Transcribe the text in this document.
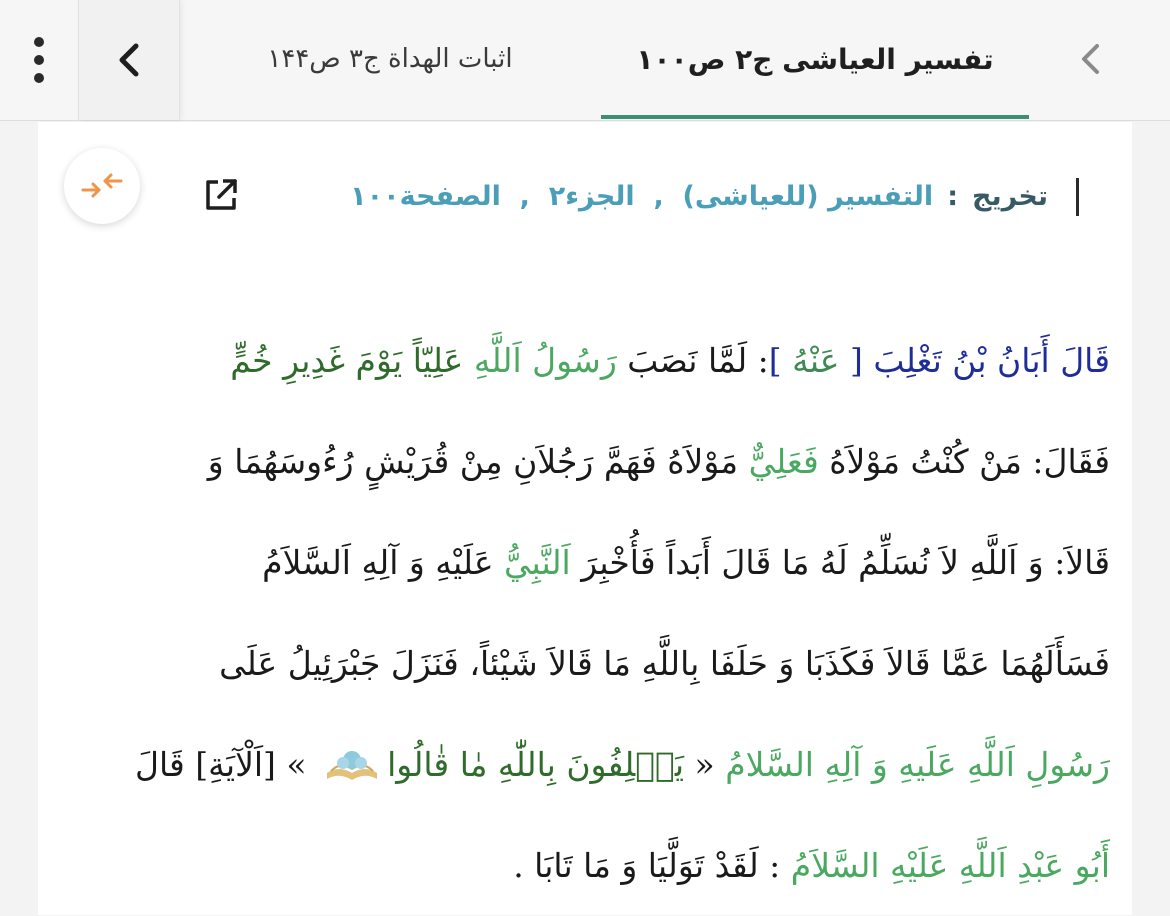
اثبات الهداة ج۳ ص۱۴۴	تفسير العياشى ج۲ ص۱۰۰
تخريج
:
التفسير (للعياشی)  ,  الجزء۲  ,  الصفحة۱۰۰
قَالَ أَبَانُ بْنُ تَغْلِبَ [ عَنْهُ ]: لَمَّا نَصَبَ رَسُولُ اَللَّهِ عَلِيّاً يَوْمَ غَدِيرِ خُمٍّ
فَقَالَ: مَنْ كُنْتُ مَوْلاَهُ فَعَلِيٌّ مَوْلاَهُ فَهَمَّ رَجُلاَنِ مِنْ قُرَيْشٍ رُءُوسَهُمَا وَ
قَالاَ: وَ اَللَّهِ لاَ نُسَلِّمُ لَهُ مَا قَالَ أَبَداً فَأُخْبِرَ اَلنَّبِيُّ عَلَيْهِ وَ آلِهِ اَلسَّلاَمُ
فَسَأَلَهُمَا عَمَّا قَالاَ فَكَذَبَا وَ حَلَفَا بِاللَّهِ مَا قَالاَ شَيْئاً، فَنَزَلَ جَبْرَئِيلُ عَلَى
رَسُولِ اَللَّهِ عَلَيهِ وَ آلِهِ السَّلامُ « يَحۡلِفُونَ بِاللّٰهِ مٰا قٰالُوا » [اَلْآيَةِ] قَالَ
أَبُو عَبْدِ اَللَّهِ عَلَيْهِ السَّلاَمُ : لَقَدْ تَوَلَّيَا وَ مَا تَابَا .
